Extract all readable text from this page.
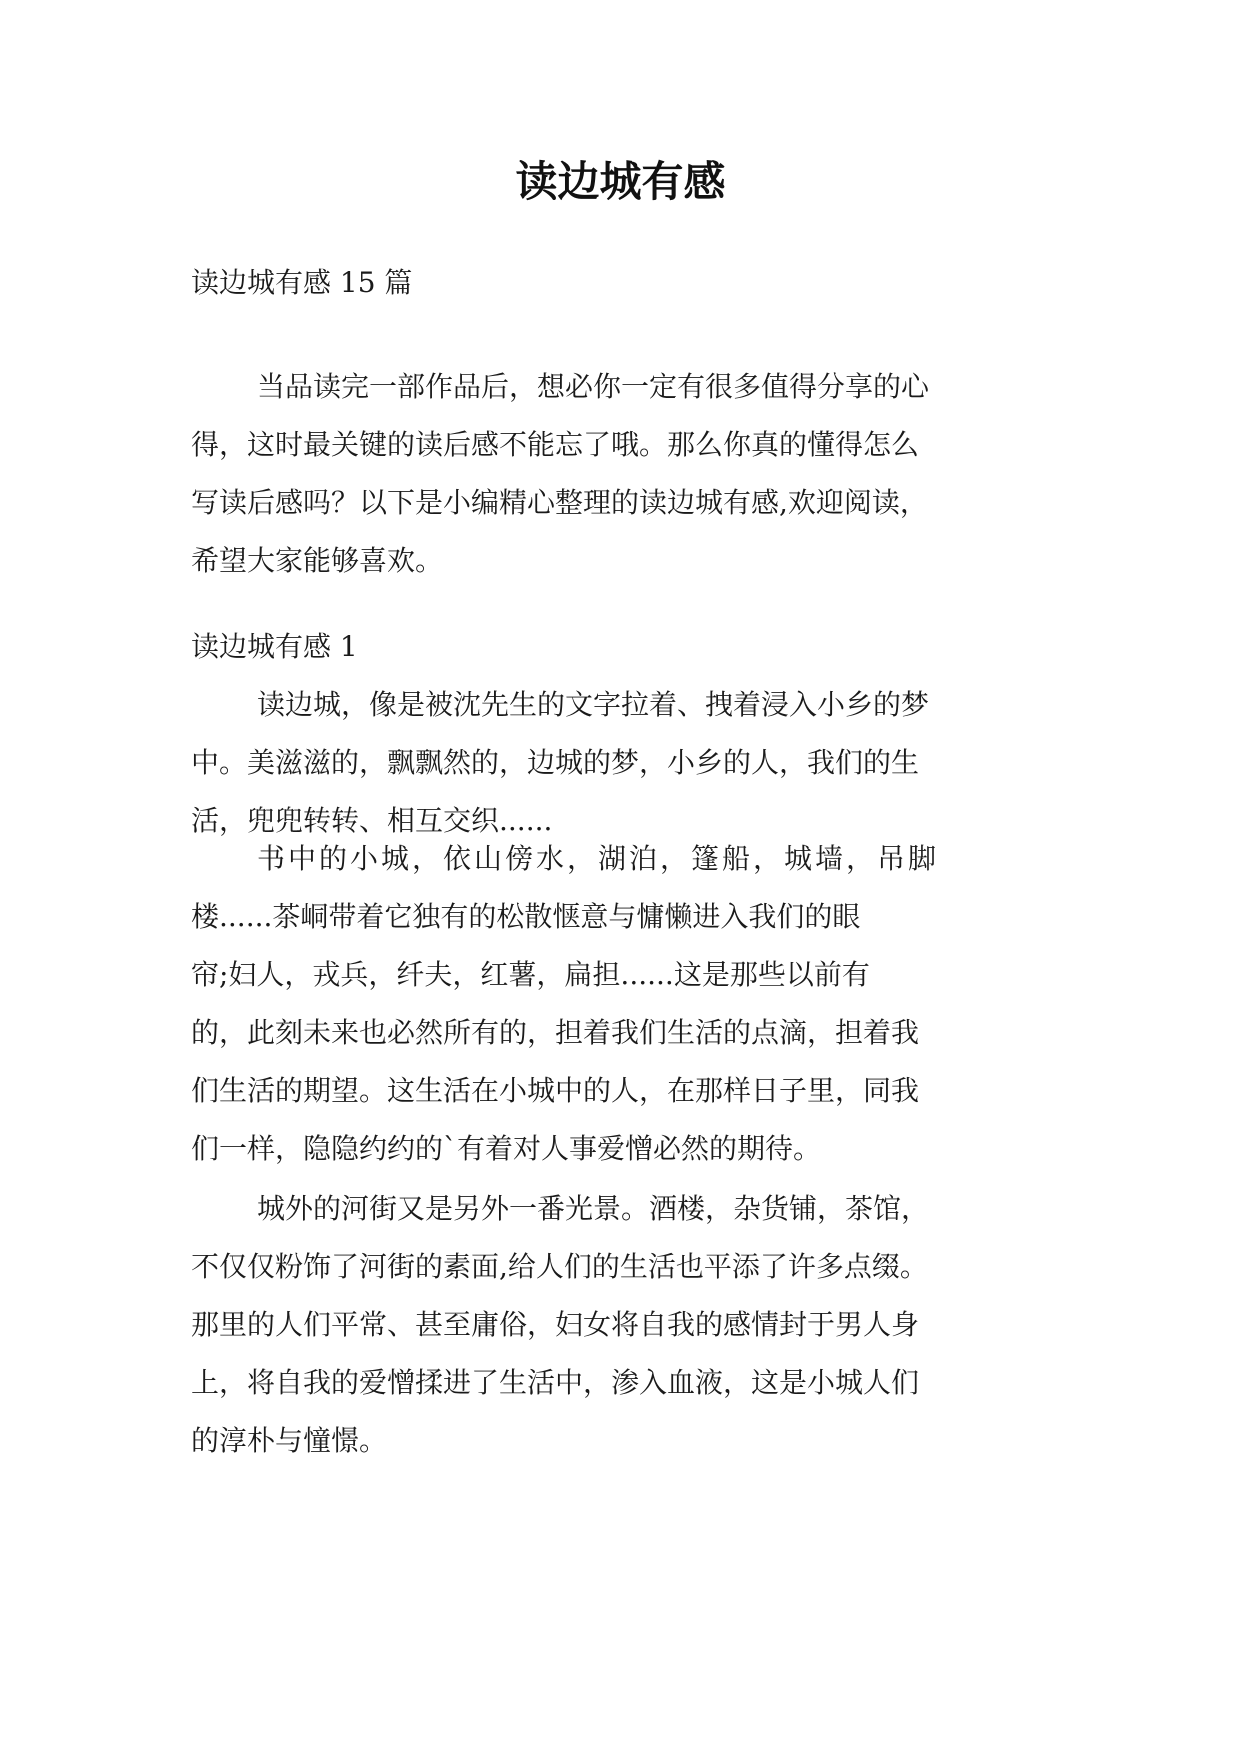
读边城有感

读边城有感 15 篇

当品读完一部作品后，想必你一定有很多值得分享的心
得，这时最关键的读后感不能忘了哦。那么你真的懂得怎么
写读后感吗？以下是小编精心整理的读边城有感,欢迎阅读，
希望大家能够喜欢。

读边城有感 1

读边城，像是被沈先生的文字拉着、拽着浸入小乡的梦
中。美滋滋的，飘飘然的，边城的梦，小乡的人，我们的生
活，兜兜转转、相互交织......
书中的小城，依山傍水，湖泊，篷船，城墙，吊脚
楼......茶峒带着它独有的松散惬意与慵懒进入我们的眼
帘;妇人，戎兵，纤夫，红薯，扁担......这是那些以前有
的，此刻未来也必然所有的，担着我们生活的点滴，担着我
们生活的期望。这生活在小城中的人，在那样日子里，同我
们一样，隐隐约约的`有着对人事爱憎必然的期待。
城外的河街又是另外一番光景。酒楼，杂货铺，茶馆，
不仅仅粉饰了河街的素面,给人们的生活也平添了许多点缀。
那里的人们平常、甚至庸俗，妇女将自我的感情封于男人身
上，将自我的爱憎揉进了生活中，渗入血液，这是小城人们
的淳朴与憧憬。
